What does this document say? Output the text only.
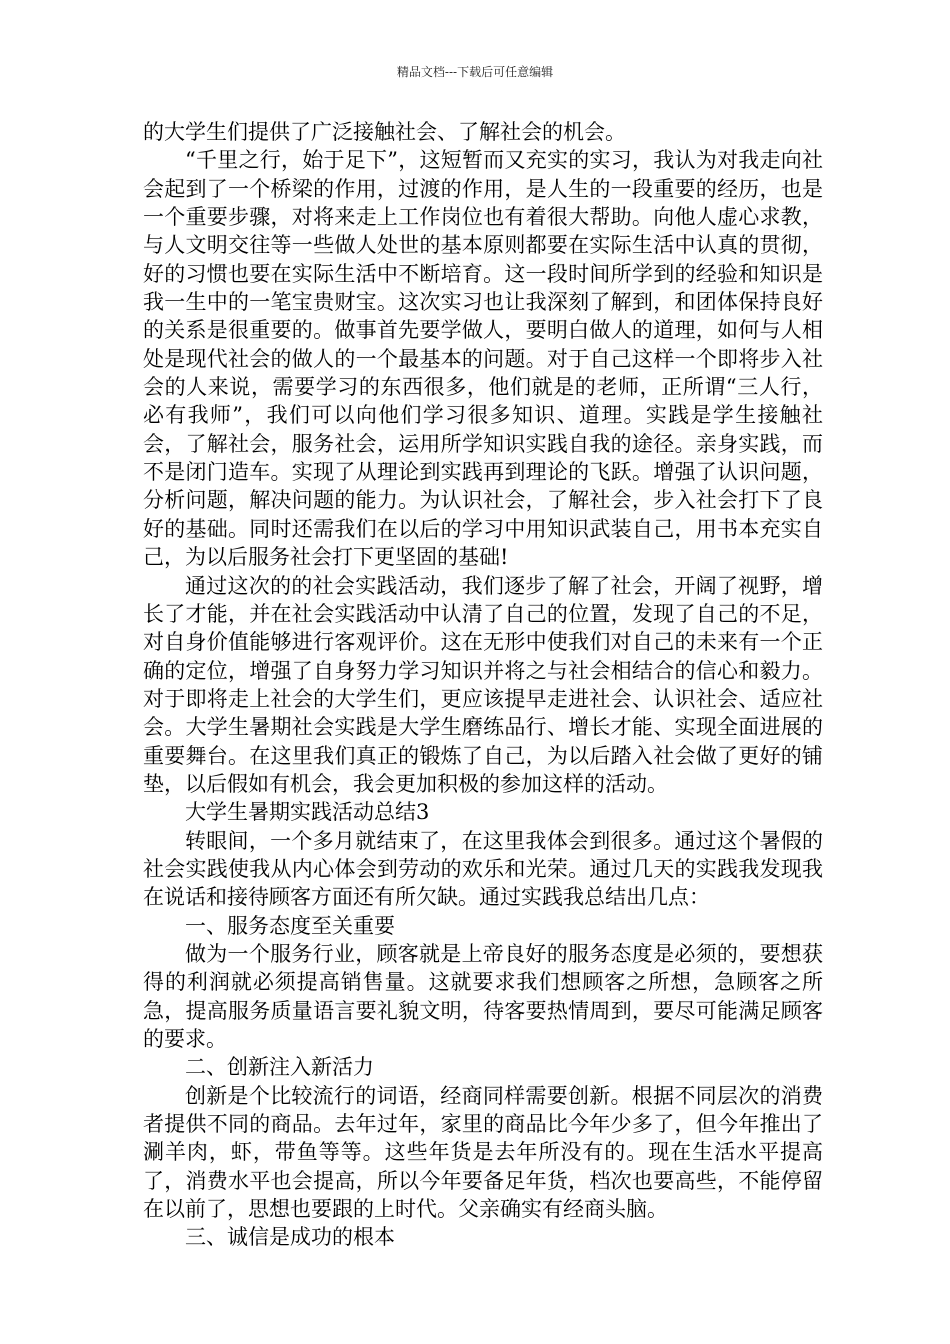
精品文档---下载后可任意编辑

的大学生们提供了广泛接触社会、了解社会的机会。

“千里之行，始于足下”，这短暂而又充实的实习，我认为对我走向社会起到了一个桥梁的作用，过渡的作用，是人生的一段重要的经历，也是一个重要步骤，对将来走上工作岗位也有着很大帮助。向他人虚心求教，与人文明交往等一些做人处世的基本原则都要在实际生活中认真的贯彻，好的习惯也要在实际生活中不断培育。这一段时间所学到的经验和知识是我一生中的一笔宝贵财宝。这次实习也让我深刻了解到，和团体保持良好的关系是很重要的。做事首先要学做人，要明白做人的道理，如何与人相处是现代社会的做人的一个最基本的问题。对于自己这样一个即将步入社会的人来说，需要学习的东西很多，他们就是的老师，正所谓“三人行，必有我师”，我们可以向他们学习很多知识、道理。实践是学生接触社会，了解社会，服务社会，运用所学知识实践自我的途径。亲身实践，而不是闭门造车。实现了从理论到实践再到理论的飞跃。增强了认识问题，分析问题，解决问题的能力。为认识社会，了解社会，步入社会打下了良好的基础。同时还需我们在以后的学习中用知识武装自己，用书本充实自己，为以后服务社会打下更坚固的基础!

通过这次的的社会实践活动，我们逐步了解了社会，开阔了视野，增长了才能，并在社会实践活动中认清了自己的位置，发现了自己的不足，对自身价值能够进行客观评价。这在无形中使我们对自己的未来有一个正确的定位，增强了自身努力学习知识并将之与社会相结合的信心和毅力。对于即将走上社会的大学生们，更应该提早走进社会、认识社会、适应社会。大学生暑期社会实践是大学生磨练品行、增长才能、实现全面进展的重要舞台。在这里我们真正的锻炼了自己，为以后踏入社会做了更好的铺垫，以后假如有机会，我会更加积极的参加这样的活动。

大学生暑期实践活动总结3

转眼间，一个多月就结束了，在这里我体会到很多。通过这个暑假的社会实践使我从内心体会到劳动的欢乐和光荣。通过几天的实践我发现我在说话和接待顾客方面还有所欠缺。通过实践我总结出几点：

一、服务态度至关重要

做为一个服务行业，顾客就是上帝良好的服务态度是必须的，要想获得的利润就必须提高销售量。这就要求我们想顾客之所想，急顾客之所急，提高服务质量语言要礼貌文明，待客要热情周到，要尽可能满足顾客的要求。

二、创新注入新活力

创新是个比较流行的词语，经商同样需要创新。根据不同层次的消费者提供不同的商品。去年过年，家里的商品比今年少多了，但今年推出了涮羊肉，虾，带鱼等等。这些年货是去年所没有的。现在生活水平提高了，消费水平也会提高，所以今年要备足年货，档次也要高些，不能停留在以前了，思想也要跟的上时代。父亲确实有经商头脑。

三、诚信是成功的根本
